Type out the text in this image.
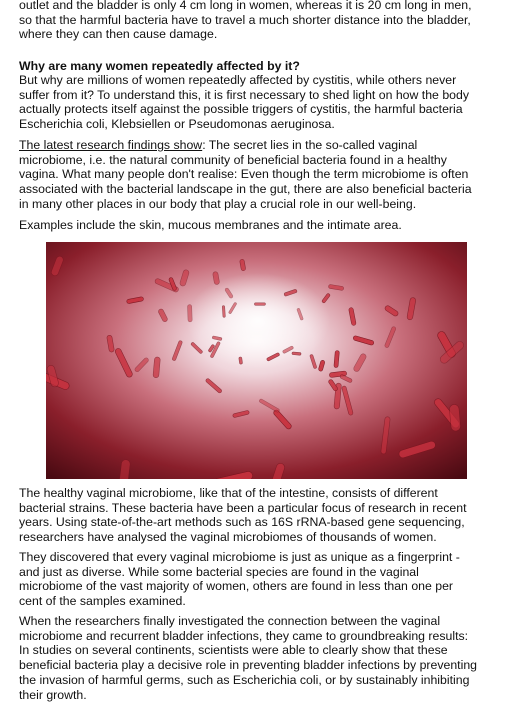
outlet and the bladder is only 4 cm long in women, whereas it is 20 cm long in men,
so that the harmful bacteria have to travel a much shorter distance into the bladder,
where they can then cause damage.
Why are many women repeatedly affected by it?
But why are millions of women repeatedly affected by cystitis, while others never
suffer from it? To understand this, it is first necessary to shed light on how the body
actually protects itself against the possible triggers of cystitis, the harmful bacteria
Escherichia coli, Klebsiellen or Pseudomonas aeruginosa.
The latest research findings show: The secret lies in the so-called vaginal
microbiome, i.e. the natural community of beneficial bacteria found in a healthy
vagina. What many people don't realise: Even though the term microbiome is often
associated with the bacterial landscape in the gut, there are also beneficial bacteria
in many other places in our body that play a crucial role in our well-being.
Examples include the skin, mucous membranes and the intimate area.
The healthy vaginal microbiome, like that of the intestine, consists of different
bacterial strains. These bacteria have been a particular focus of research in recent
years. Using state-of-the-art methods such as 16S rRNA-based gene sequencing,
researchers have analysed the vaginal microbiomes of thousands of women.
They discovered that every vaginal microbiome is just as unique as a fingerprint -
and just as diverse. While some bacterial species are found in the vaginal
microbiome of the vast majority of women, others are found in less than one per
cent of the samples examined.
When the researchers finally investigated the connection between the vaginal
microbiome and recurrent bladder infections, they came to groundbreaking results:
In studies on several continents, scientists were able to clearly show that these
beneficial bacteria play a decisive role in preventing bladder infections by preventing
the invasion of harmful germs, such as Escherichia coli, or by sustainably inhibiting
their growth.
